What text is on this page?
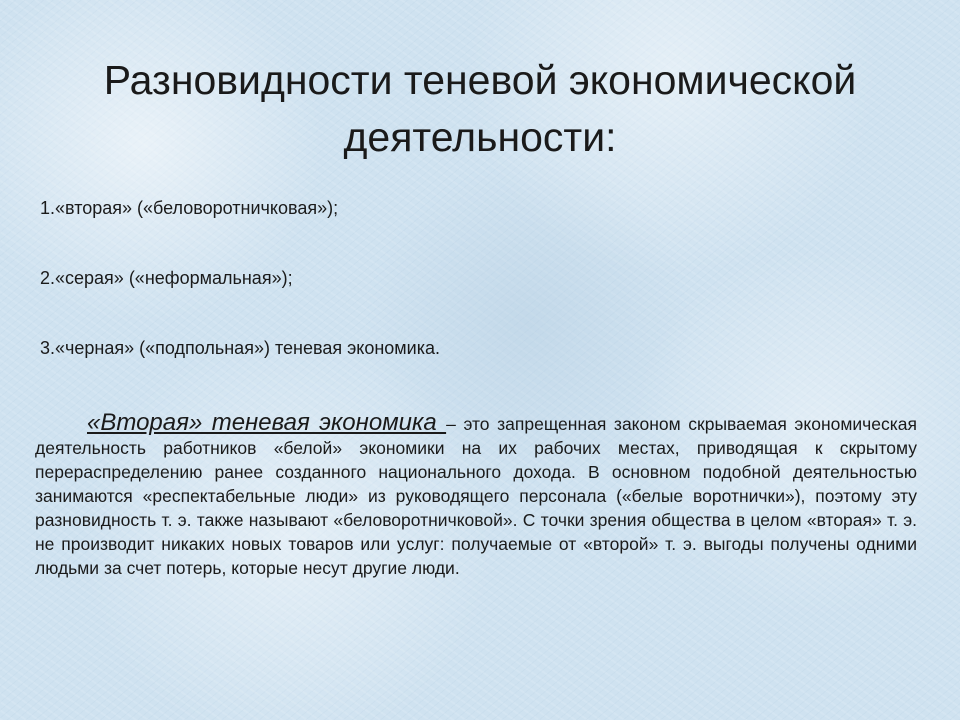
Разновидности теневой экономической
деятельности:
1.«вторая» («беловоротничковая»);
2.«серая» («неформальная»);
3.«черная» («подпольная») теневая экономика.

«Вторая» теневая экономика – это запрещенная законом скрываемая экономическая деятельность работников «белой» экономики на их рабочих местах, приводящая к скрытому перераспределению ранее созданного национального дохода. В основном подобной деятельностью занимаются «респектабельные люди» из руководящего персонала («белые воротнички»), поэтому эту разновидность т. э. также называют «беловоротничковой». С точки зрения общества в целом «вторая» т. э. не производит никаких новых товаров или услуг: получаемые от «второй» т. э. выгоды получены одними людьми за счет потерь, которые несут другие люди.
